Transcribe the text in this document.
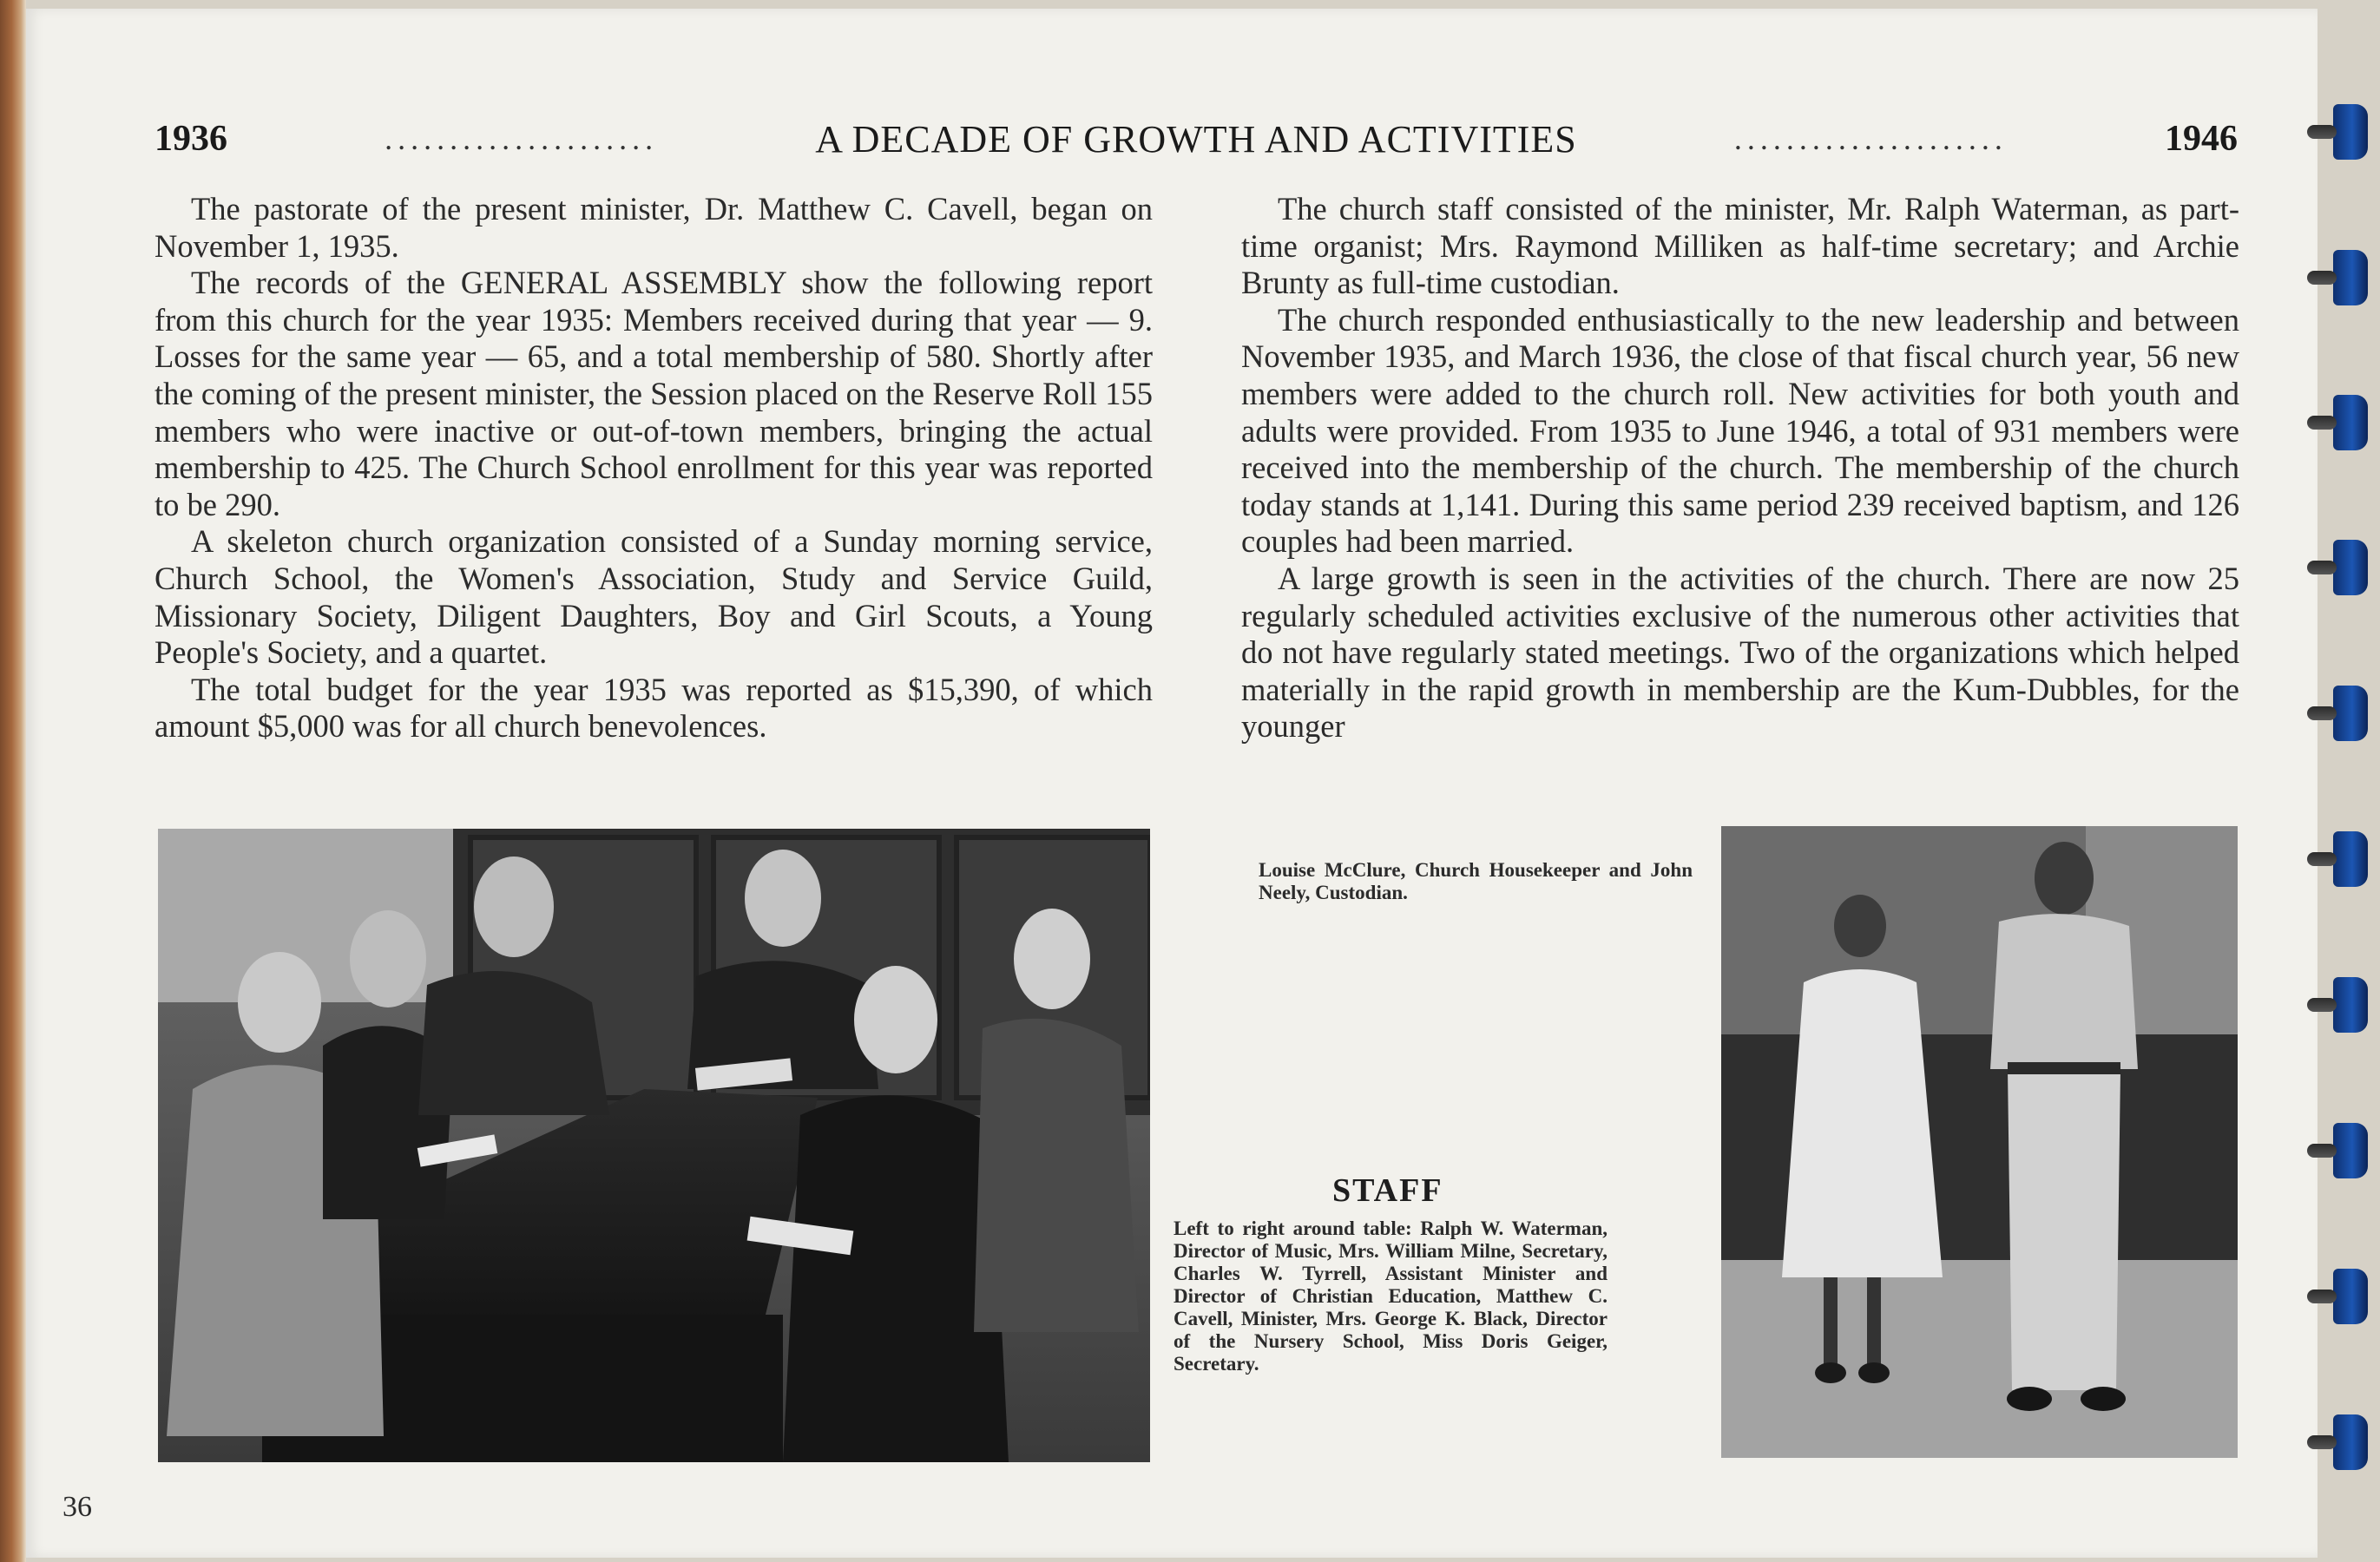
1936	.....................	A DECADE OF GROWTH AND ACTIVITIES	.....................	1946

The pastorate of the present minister, Dr. Matthew C. Cavell, began on November 1, 1935.

The records of the GENERAL ASSEMBLY show the following report from this church for the year 1935: Members received during that year — 9. Losses for the same year — 65, and a total membership of 580. Shortly after the coming of the present minister, the Session placed on the Reserve Roll 155 members who were inactive or out-of-town members, bringing the actual membership to 425. The Church School enrollment for this year was reported to be 290.

A skeleton church organization consisted of a Sunday morning service, Church School, the Women's Association, Study and Service Guild, Missionary Society, Diligent Daughters, Boy and Girl Scouts, a Young People's Society, and a quartet.

The total budget for the year 1935 was reported as $15,390, of which amount $5,000 was for all church benevolences.

The church staff consisted of the minister, Mr. Ralph Waterman, as part-time organist; Mrs. Raymond Milliken as half-time secretary; and Archie Brunty as full-time custodian.

The church responded enthusiastically to the new leadership and between November 1935, and March 1936, the close of that fiscal church year, 56 new members were added to the church roll. New activities for both youth and adults were provided. From 1935 to June 1946, a total of 931 members were received into the membership of the church. The membership of the church today stands at 1,141. During this same period 239 received baptism, and 126 couples had been married.

A large growth is seen in the activities of the church. There are now 25 regularly scheduled activities exclusive of the numerous other activities that do not have regularly stated meetings. Two of the organizations which helped materially in the rapid growth in membership are the Kum-Dubbles, for the younger

Louise McClure, Church Housekeeper and John Neely, Custodian.
STAFF
Left to right around table: Ralph W. Waterman, Director of Music, Mrs. William Milne, Secretary, Charles W. Tyrrell, Assistant Minister and Director of Christian Education, Matthew C. Cavell, Minister, Mrs. George K. Black, Director of the Nursery School, Miss Doris Geiger, Secretary.
36
